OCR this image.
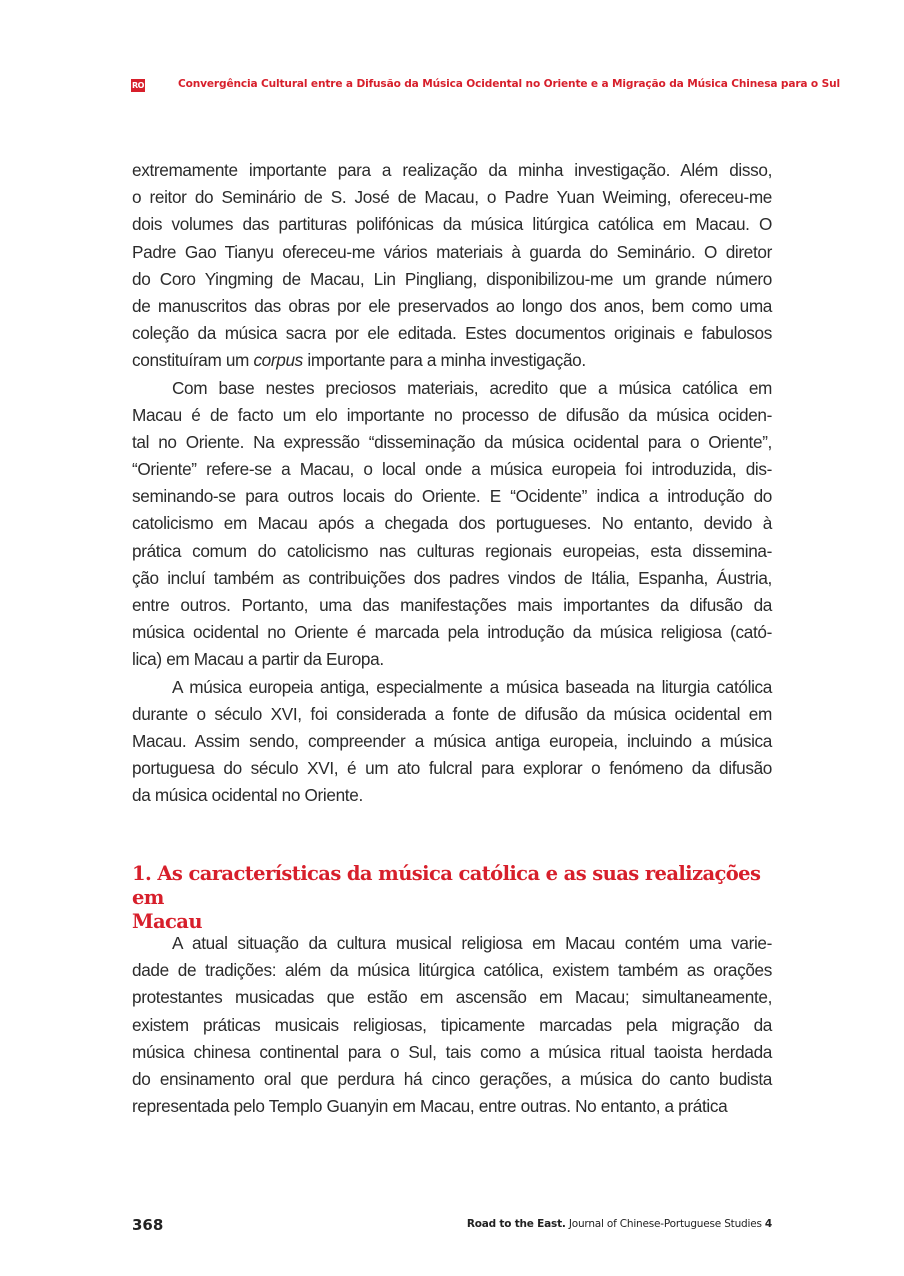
RO	Convergência Cultural entre a Difusão da Música Ocidental no Oriente e a Migração da Música Chinesa para o Sul
extremamente importante para a realização da minha investigação. Além disso,
o reitor do Seminário de S. José de Macau, o Padre Yuan Weiming, ofereceu-me
dois volumes das partituras polifónicas da música litúrgica católica em Macau. O
Padre Gao Tianyu ofereceu-me vários materiais à guarda do Seminário. O diretor
do Coro Yingming de Macau, Lin Pingliang, disponibilizou-me um grande número
de manuscritos das obras por ele preservados ao longo dos anos, bem como uma
coleção da música sacra por ele editada. Estes documentos originais e fabulosos
constituíram um corpus importante para a minha investigação.
Com base nestes preciosos materiais, acredito que a música católica em
Macau é de facto um elo importante no processo de difusão da música ociden-
tal no Oriente. Na expressão “disseminação da música ocidental para o Oriente”,
“Oriente” refere-se a Macau, o local onde a música europeia foi introduzida, dis-
seminando-se para outros locais do Oriente. E “Ocidente” indica a introdução do
catolicismo em Macau após a chegada dos portugueses. No entanto, devido à
prática comum do catolicismo nas culturas regionais europeias, esta dissemina-
ção incluí também as contribuições dos padres vindos de Itália, Espanha, Áustria,
entre outros. Portanto, uma das manifestações mais importantes da difusão da
música ocidental no Oriente é marcada pela introdução da música religiosa (cató-
lica) em Macau a partir da Europa.
A música europeia antiga, especialmente a música baseada na liturgia católica
durante o século XVI, foi considerada a fonte de difusão da música ocidental em
Macau. Assim sendo, compreender a música antiga europeia, incluindo a música
portuguesa do século XVI, é um ato fulcral para explorar o fenómeno da difusão
da música ocidental no Oriente.
1. As características da música católica e as suas realizações em
Macau
A atual situação da cultura musical religiosa em Macau contém uma varie-
dade de tradições: além da música litúrgica católica, existem também as orações
protestantes musicadas que estão em ascensão em Macau; simultaneamente,
existem práticas musicais religiosas, tipicamente marcadas pela migração da
música chinesa continental para o Sul, tais como a música ritual taoista herdada
do ensinamento oral que perdura há cinco gerações, a música do canto budista
representada pelo Templo Guanyin em Macau, entre outras. No entanto, a prática
368	Road to the East. Journal of Chinese-Portuguese Studies 4
